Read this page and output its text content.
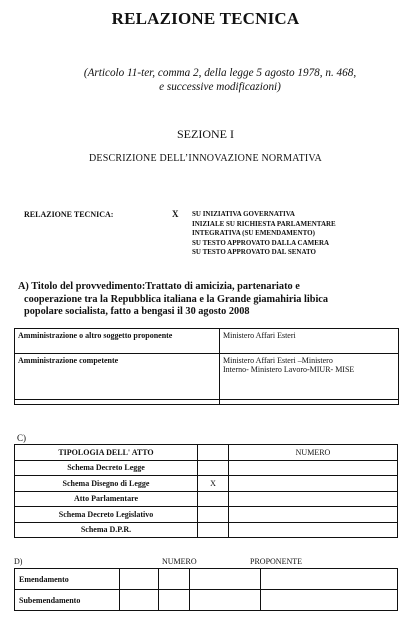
RELAZIONE TECNICA
(Articolo 11-ter, comma 2, della legge 5 agosto 1978, n. 468,
e successive modificazioni)
SEZIONE I
DESCRIZIONE DELL’INNOVAZIONE NORMATIVA
RELAZIONE TECNICA:	X SU INIZIATIVA GOVERNATIVA
INIZIALE SU RICHIESTA PARLAMENTARE
INTEGRATIVA (SU EMENDAMENTO)
SU TESTO APPROVATO DALLA CAMERA
SU TESTO APPROVATO DAL SENATO
A) Titolo del provvedimento:Trattato di amicizia, partenariato e
cooperazione tra la Repubblica italiana e la Grande giamahiria libica
popolare socialista, fatto a bengasi il 30 agosto 2008
Amministrazione o altro soggetto proponente	Ministero Affari Esteri
Amministrazione competente	Ministero Affari Esteri –Ministero
Interno- Ministero Lavoro-MIUR- MISE

C)
TIPOLOGIA DELL' ATTO		NUMERO
Schema Decreto Legge		
Schema Disegno di Legge	X	
Atto Parlamentare		
Schema Decreto Legislativo		
Schema D.P.R.		
D)	NUMERO	PROPONENTE
Emendamento				
Subemendamento				
